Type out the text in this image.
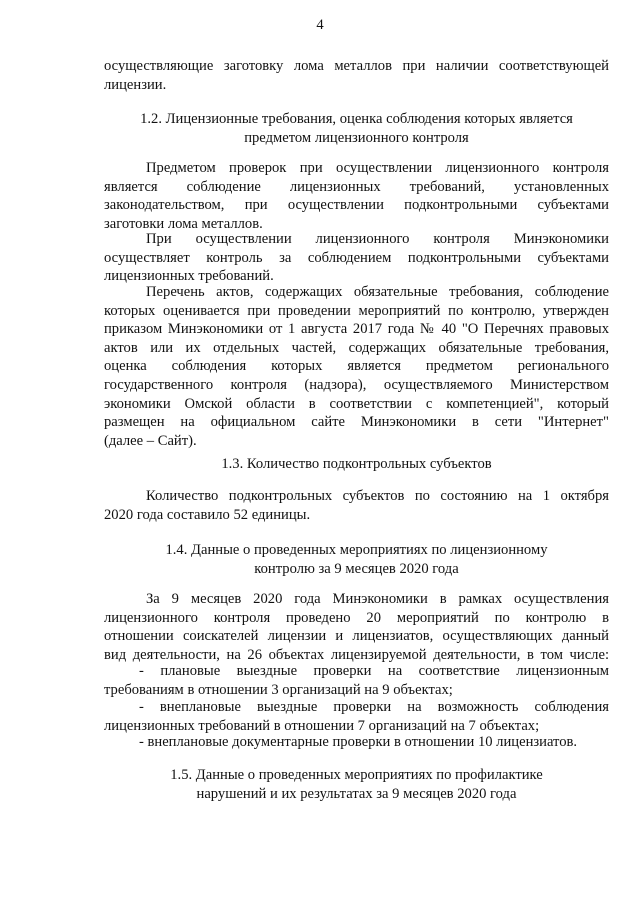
4

осуществляющие заготовку лома металлов при наличии соответствующей

лицензии.

1.2. Лицензионные требования, оценка соблюдения которых является

предметом лицензионного контроля

Предметом проверок при осуществлении лицензионного контроля

является соблюдение лицензионных требований, установленных

законодательством, при осуществлении подконтрольными субъектами

заготовки лома металлов.

При осуществлении лицензионного контроля Минэкономики

осуществляет контроль за соблюдением подконтрольными субъектами

лицензионных требований.

Перечень актов, содержащих обязательные требования, соблюдение

которых оценивается при проведении мероприятий по контролю, утвержден

приказом Минэкономики от 1 августа 2017 года № 40 "О Перечнях правовых

актов или их отдельных частей, содержащих обязательные требования,

оценка соблюдения которых является предметом регионального

государственного контроля (надзора), осуществляемого Министерством

экономики Омской области в соответствии с компетенцией", который

размещен на официальном сайте Минэкономики в сети "Интернет"

(далее – Сайт).

1.3. Количество подконтрольных субъектов

Количество подконтрольных субъектов по состоянию на 1 октября

2020 года составило 52 единицы.

1.4. Данные о проведенных мероприятиях по лицензионному

контролю за 9 месяцев 2020 года

За 9 месяцев 2020 года Минэкономики в рамках осуществления

лицензионного контроля проведено 20 мероприятий по контролю в

отношении соискателей лицензии и лицензиатов, осуществляющих данный

вид деятельности, на 26 объектах лицензируемой деятельности, в том числе:

- плановые выездные проверки на соответствие лицензионным

требованиям в отношении 3 организаций на 9 объектах;

- внеплановые выездные проверки на возможность соблюдения

лицензионных требований в отношении 7 организаций на 7 объектах;

- внеплановые документарные проверки в отношении 10 лицензиатов.

1.5. Данные о проведенных мероприятиях по профилактике

нарушений и их результатах за 9 месяцев 2020 года
